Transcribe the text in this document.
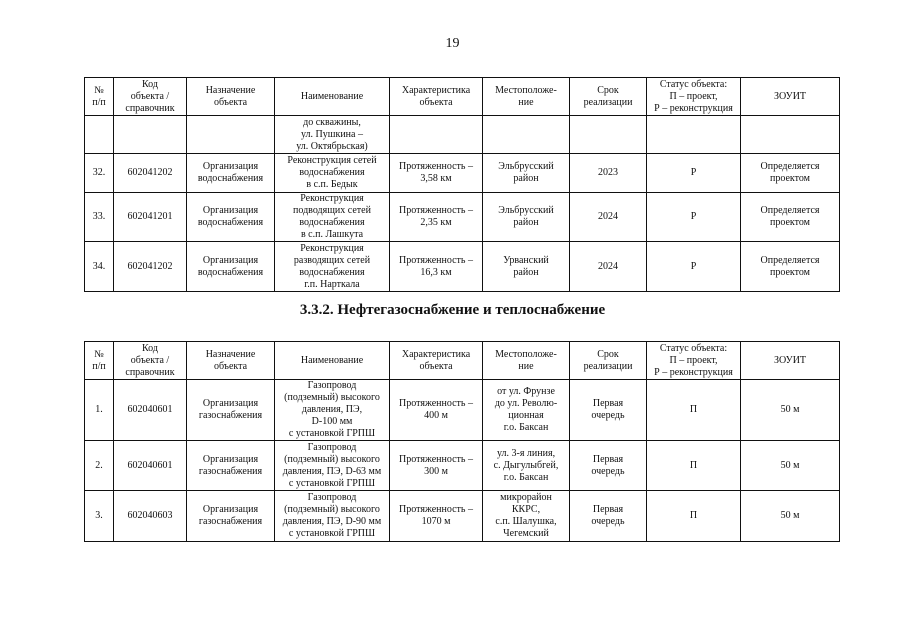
19
№
п/п	Код
объекта /
справочник	Назначение
объекта	Наименование	Характеристика
объекта	Местоположе-
ние	Срок
реализации	Статус объекта:
П – проект,
Р – реконструкция	ЗОУИТ
			до скважины,
ул. Пушкина –
ул. Октябрьская)					
32.	602041202	Организация
водоснабжения	Реконструкция сетей
водоснабжения
в с.п. Бедык	Протяженность –
3,58 км	Эльбрусский
район	2023	Р	Определяется
проектом
33.	602041201	Организация
водоснабжения	Реконструкция
подводящих сетей
водоснабжения
в с.п. Лашкута	Протяженность –
2,35 км	Эльбрусский
район	2024	Р	Определяется
проектом
34.	602041202	Организация
водоснабжения	Реконструкция
разводящих сетей
водоснабжения
г.п. Нарткала	Протяженность –
16,3 км	Урванский
район	2024	Р	Определяется
проектом
3.3.2. Нефтегазоснабжение и теплоснабжение
№
п/п	Код
объекта /
справочник	Назначение
объекта	Наименование	Характеристика
объекта	Местоположе-
ние	Срок
реализации	Статус объекта:
П – проект,
Р – реконструкция	ЗОУИТ
1.	602040601	Организация
газоснабжения	Газопровод
(подземный) высокого
давления, ПЭ,
D-100 мм
с установкой ГРПШ	Протяженность –
400 м	от ул. Фрунзе
до ул. Револю-
ционная
г.о. Баксан	Первая
очередь	П	50 м
2.	602040601	Организация
газоснабжения	Газопровод
(подземный) высокого
давления, ПЭ, D-63 мм
с установкой ГРПШ	Протяженность –
300 м	ул. 3-я линия,
с. Дыгулыбгей,
г.о. Баксан	Первая
очередь	П	50 м
3.	602040603	Организация
газоснабжения	Газопровод
(подземный) высокого
давления, ПЭ, D-90 мм
с установкой ГРПШ	Протяженность –
1070 м	микрорайон
ККРС,
с.п. Шалушка,
Чегемский	Первая
очередь	П	50 м
